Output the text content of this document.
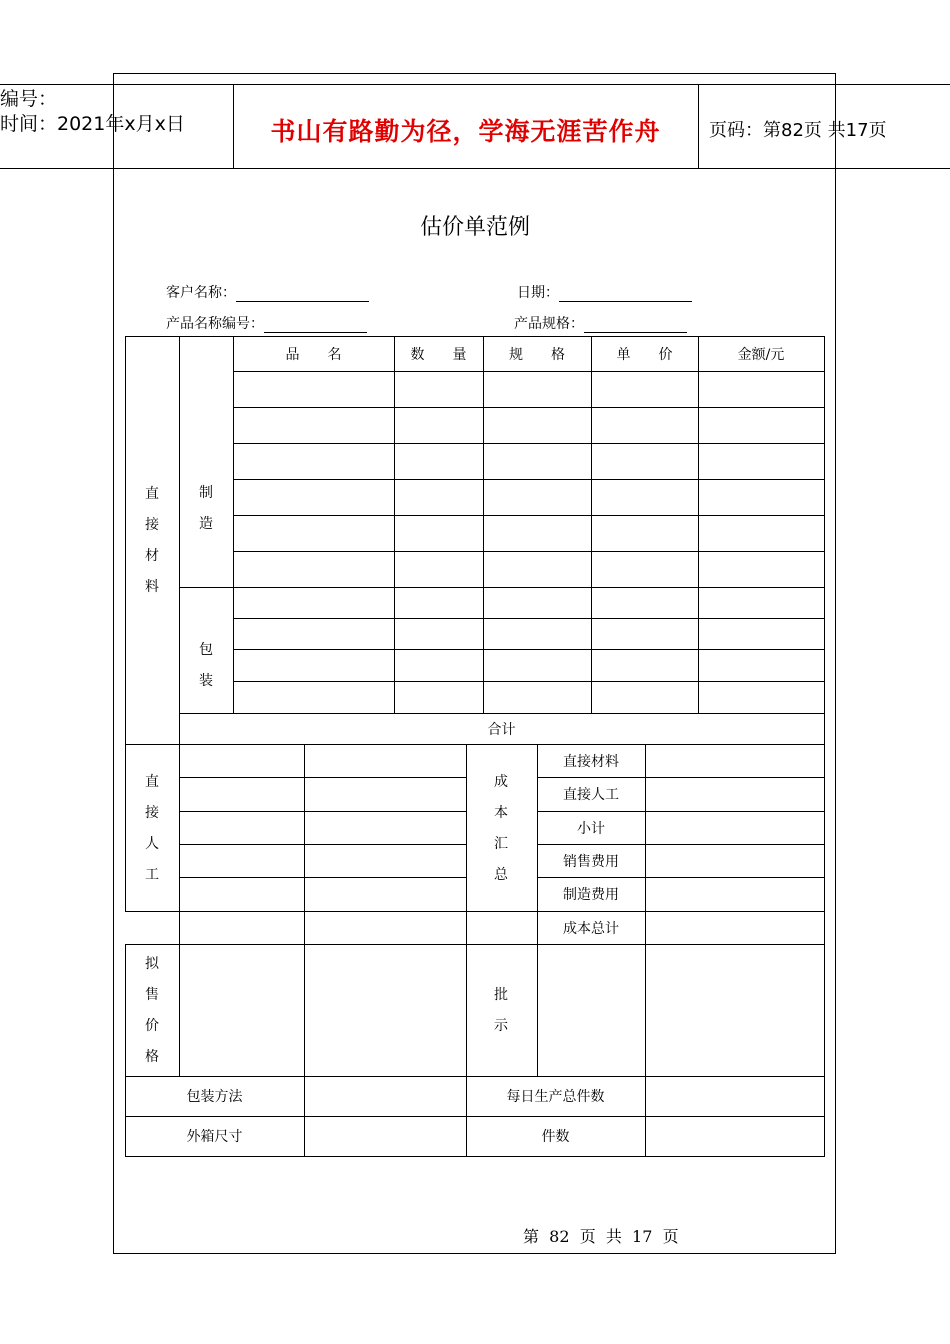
编号：
时间：2021年x月x日	书山有路勤为径，学海无涯苦作舟	页码：第82页 共17页
估价单范例
客户名称：	日期：
产品名称编号：	产品规格：
品　　名	数　　量	规　　格	单　　价	金额/元
直
接
材
料
制
造
包
装
合计
直
接
人
工
成
本
汇
总
直接材料
直接人工
小计
销售费用
制造费用
成本总计
拟
售
价
格
批
示
包装方法	每日生产总件数
外箱尺寸	件数
第  82  页  共  17  页
